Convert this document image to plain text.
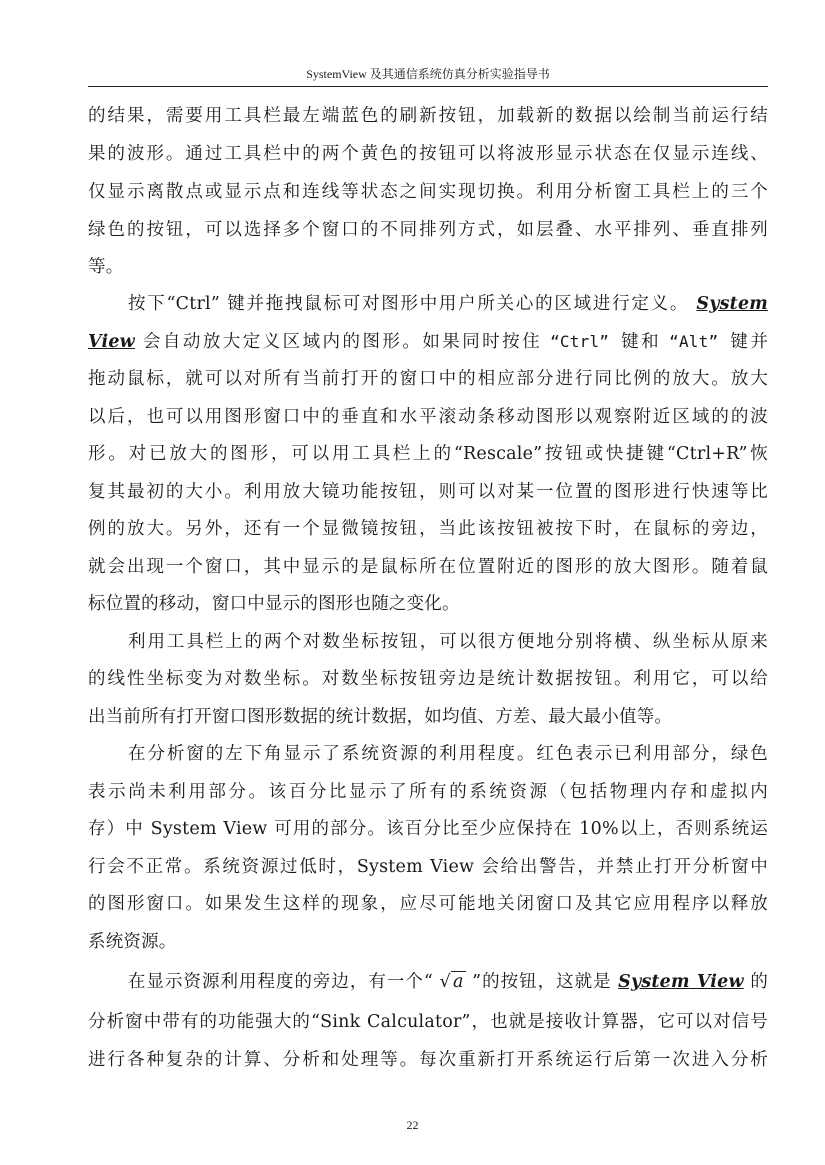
SystemView 及其通信系统仿真分析实验指导书
的结果，需要用工具栏最左端蓝色的刷新按钮，加载新的数据以绘制当前运行结
果的波形。通过工具栏中的两个黄色的按钮可以将波形显示状态在仅显示连线、
仅显示离散点或显示点和连线等状态之间实现切换。利用分析窗工具栏上的三个
绿色的按钮，可以选择多个窗口的不同排列方式，如层叠、水平排列、垂直排列
等。
按下“Ctrl” 键并拖拽鼠标可对图形中用户所关心的区域进行定义。 System
View 会自动放大定义区域内的图形。如果同时按住 “Ctrl” 键和 “Alt” 键并
拖动鼠标，就可以对所有当前打开的窗口中的相应部分进行同比例的放大。放大
以后，也可以用图形窗口中的垂直和水平滚动条移动图形以观察附近区域的的波
形。对已放大的图形，可以用工具栏上的“Rescale”按钮或快捷键“Ctrl+R”恢
复其最初的大小。利用放大镜功能按钮，则可以对某一位置的图形进行快速等比
例的放大。另外，还有一个显微镜按钮，当此该按钮被按下时，在鼠标的旁边，
就会出现一个窗口，其中显示的是鼠标所在位置附近的图形的放大图形。随着鼠
标位置的移动，窗口中显示的图形也随之变化。
利用工具栏上的两个对数坐标按钮，可以很方便地分别将横、纵坐标从原来
的线性坐标变为对数坐标。对数坐标按钮旁边是统计数据按钮。利用它，可以给
出当前所有打开窗口图形数据的统计数据，如均值、方差、最大最小值等。
在分析窗的左下角显示了系统资源的利用程度。红色表示已利用部分，绿色
表示尚未利用部分。该百分比显示了所有的系统资源（包括物理内存和虚拟内
存）中 System View 可用的部分。该百分比至少应保持在 10%以上，否则系统运
行会不正常。系统资源过低时，System View 会给出警告，并禁止打开分析窗中
的图形窗口。如果发生这样的现象，应尽可能地关闭窗口及其它应用程序以释放
系统资源。
在显示资源利用程度的旁边，有一个“ √ a ”的按钮，这就是 System View 的
分析窗中带有的功能强大的“Sink Calculator”，也就是接收计算器，它可以对信号
进行各种复杂的计算、分析和处理等。每次重新打开系统运行后第一次进入分析
22
